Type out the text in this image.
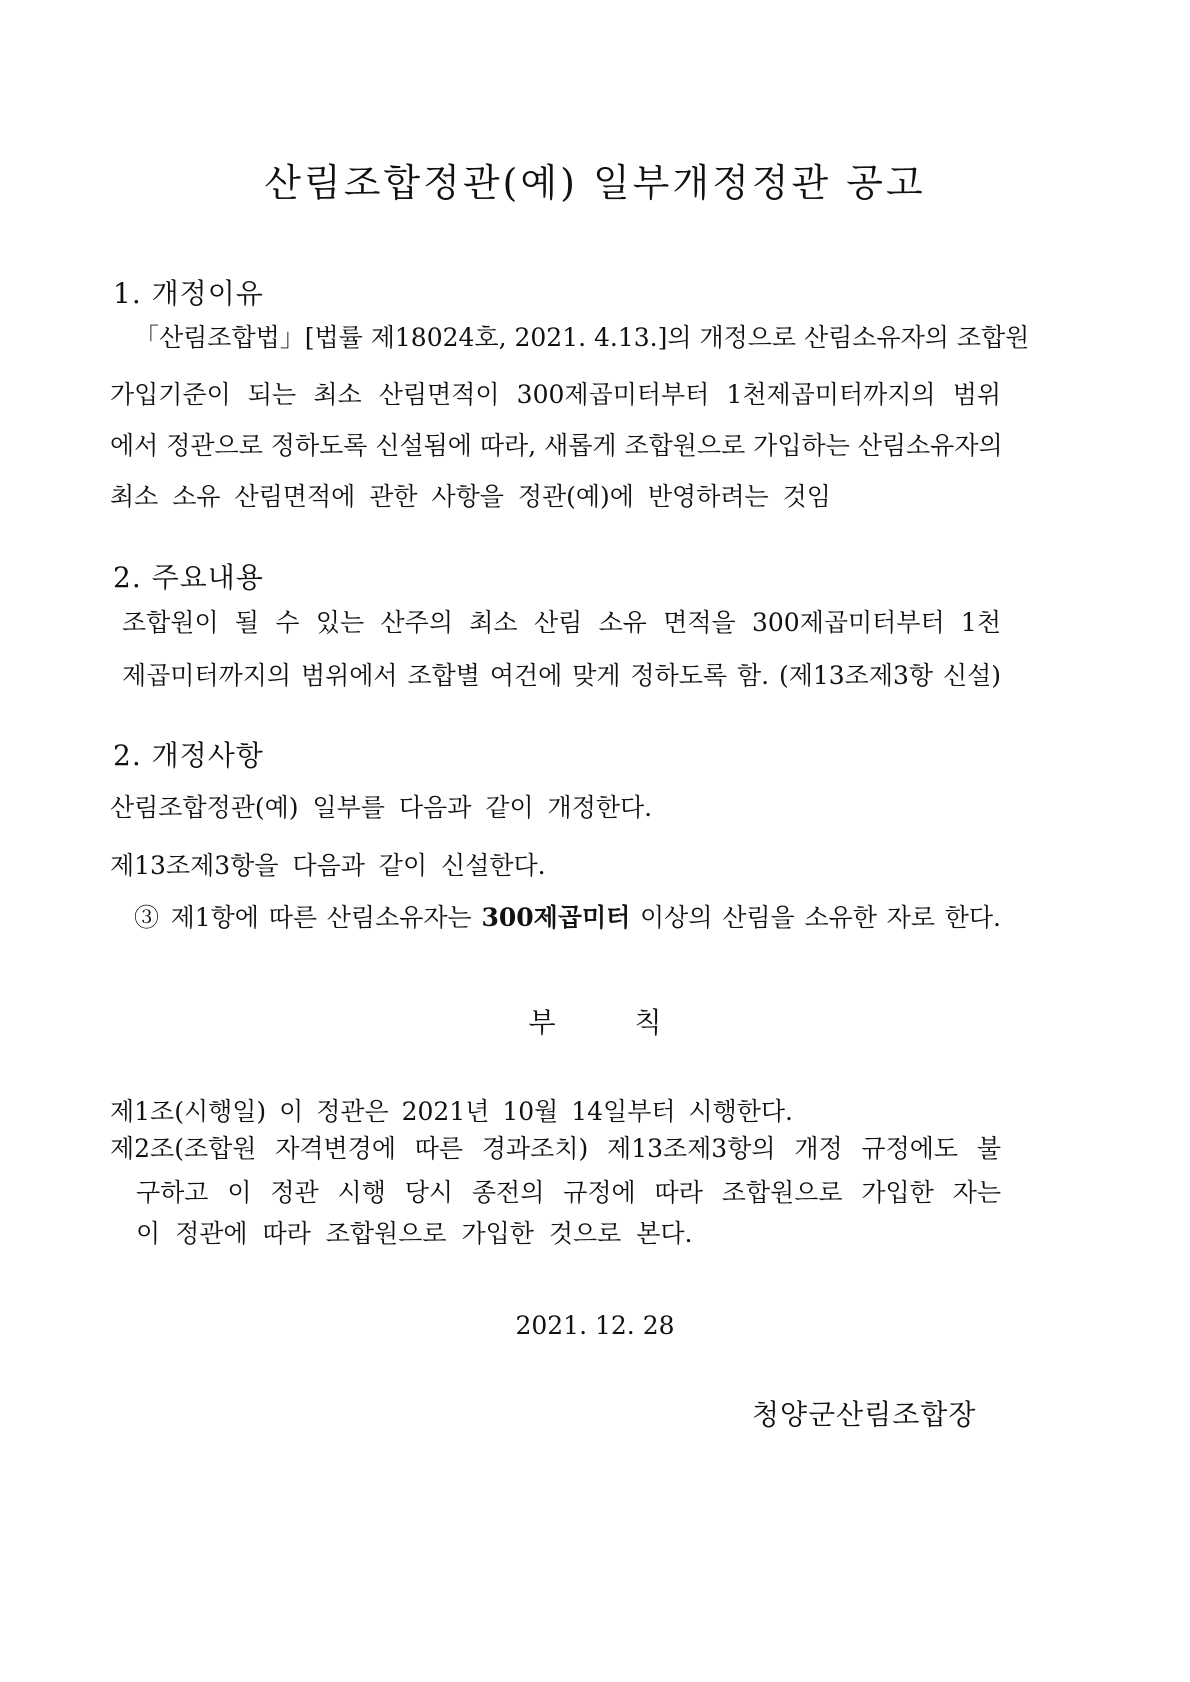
산림조합정관(예) 일부개정정관 공고
1. 개정이유

「산림조합법」[법률 제18024호, 2021. 4.13.]의 개정으로 산림소유자의 조합원

가입기준이 되는 최소 산림면적이 300제곱미터부터 1천제곱미터까지의 범위

에서 정관으로 정하도록 신설됨에 따라, 새롭게 조합원으로 가입하는 산림소유자의

최소 소유 산림면적에 관한 사항을 정관(예)에 반영하려는 것임

2. 주요내용

조합원이 될 수 있는 산주의 최소 산림 소유 면적을 300제곱미터부터 1천

제곱미터까지의 범위에서 조합별 여건에 맞게 정하도록 함. (제13조제3항 신설)

2. 개정사항

산림조합정관(예) 일부를 다음과 같이 개정한다.

제13조제3항을 다음과 같이 신설한다.

③ 제1항에 따른 산림소유자는 300제곱미터 이상의 산림을 소유한 자로 한다.

부 칙

제1조(시행일) 이 정관은 2021년 10월 14일부터 시행한다.

제2조(조합원 자격변경에 따른 경과조치) 제13조제3항의 개정 규정에도 불

구하고 이 정관 시행 당시 종전의 규정에 따라 조합원으로 가입한 자는

이 정관에 따라 조합원으로 가입한 것으로 본다.

2021. 12. 28

청양군산림조합장
